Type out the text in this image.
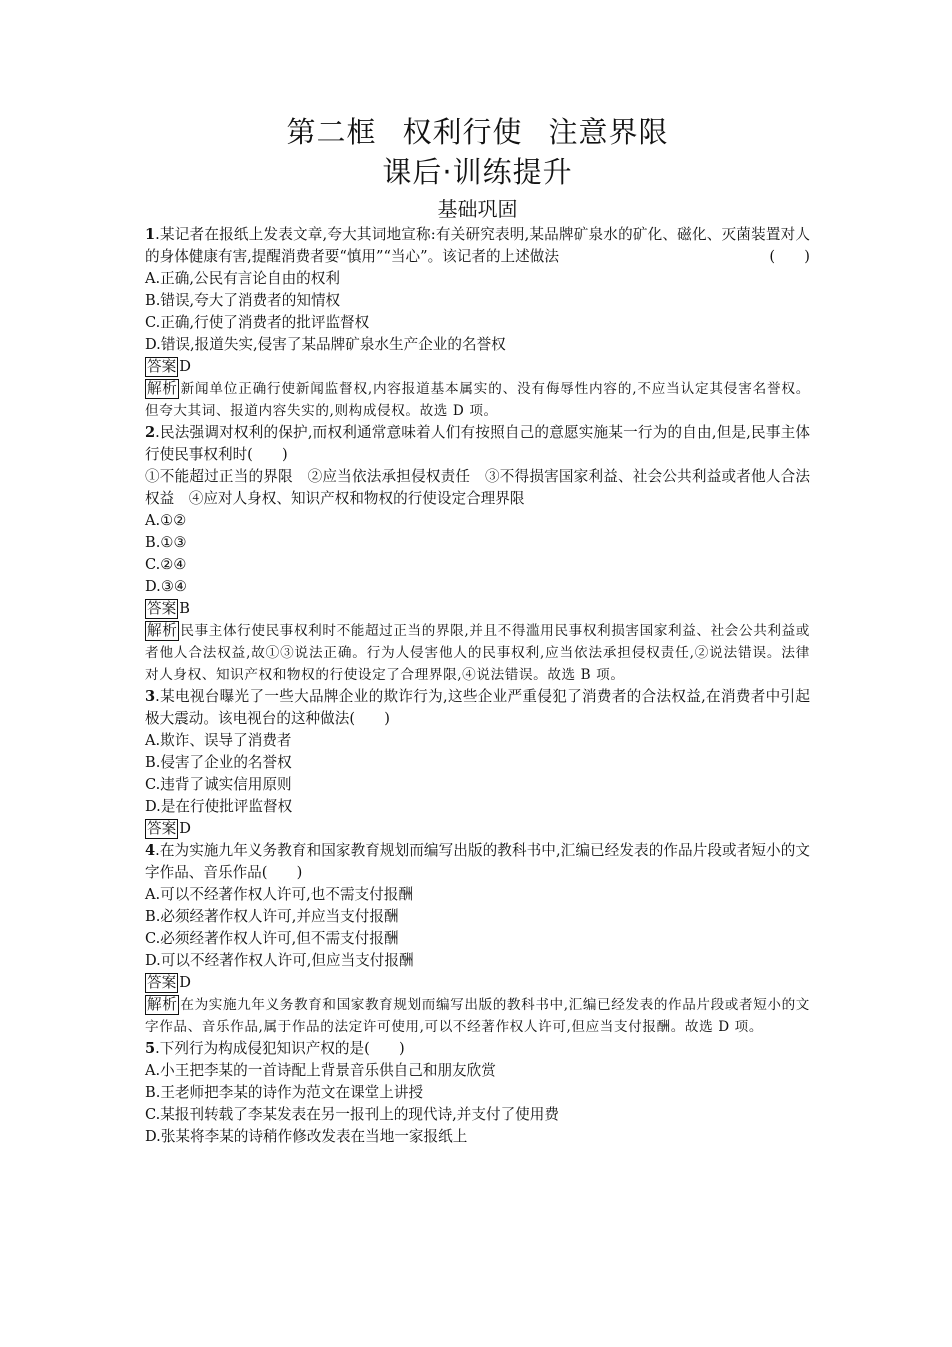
第二框 权利行使 注意界限
课后·训练提升
基础巩固

1.某记者在报纸上发表文章,夸大其词地宣称:有关研究表明,某品牌矿泉水的矿化、磁化、灭菌装置对人的身体健康有害,提醒消费者要“慎用”“当心”。该记者的上述做法	(　　)

A.正确,公民有言论自由的权利
B.错误,夸大了消费者的知情权
C.正确,行使了消费者的批评监督权
D.错误,报道失实,侵害了某品牌矿泉水生产企业的名誉权
答案 D
解析 新闻单位正确行使新闻监督权,内容报道基本属实的、没有侮辱性内容的,不应当认定其侵害名誉权。但夸大其词、报道内容失实的,则构成侵权。故选 D 项。

2.民法强调对权利的保护,而权利通常意味着人们有按照自己的意愿实施某一行为的自由,但是,民事主体行使民事权利时(　　)

①不能超过正当的界限　②应当依法承担侵权责任　③不得损害国家利益、社会公共利益或者他人合法权益　④应对人身权、知识产权和物权的行使设定合理界限

A.①②
B.①③
C.②④
D.③④
答案 B
解析 民事主体行使民事权利时不能超过正当的界限,并且不得滥用民事权利损害国家利益、社会公共利益或者他人合法权益,故①③说法正确。行为人侵害他人的民事权利,应当依法承担侵权责任,②说法错误。法律对人身权、知识产权和物权的行使设定了合理界限,④说法错误。故选 B 项。

3.某电视台曝光了一些大品牌企业的欺诈行为,这些企业严重侵犯了消费者的合法权益,在消费者中引起极大震动。该电视台的这种做法(　　)

A.欺诈、误导了消费者
B.侵害了企业的名誉权
C.违背了诚实信用原则
D.是在行使批评监督权
答案 D

4.在为实施九年义务教育和国家教育规划而编写出版的教科书中,汇编已经发表的作品片段或者短小的文字作品、音乐作品(　　)

A.可以不经著作权人许可,也不需支付报酬
B.必须经著作权人许可,并应当支付报酬
C.必须经著作权人许可,但不需支付报酬
D.可以不经著作权人许可,但应当支付报酬
答案 D
解析 在为实施九年义务教育和国家教育规划而编写出版的教科书中,汇编已经发表的作品片段或者短小的文字作品、音乐作品,属于作品的法定许可使用,可以不经著作权人许可,但应当支付报酬。故选 D 项。

5.下列行为构成侵犯知识产权的是(　　)

A.小王把李某的一首诗配上背景音乐供自己和朋友欣赏
B.王老师把李某的诗作为范文在课堂上讲授
C.某报刊转载了李某发表在另一报刊上的现代诗,并支付了使用费
D.张某将李某的诗稍作修改发表在当地一家报纸上
